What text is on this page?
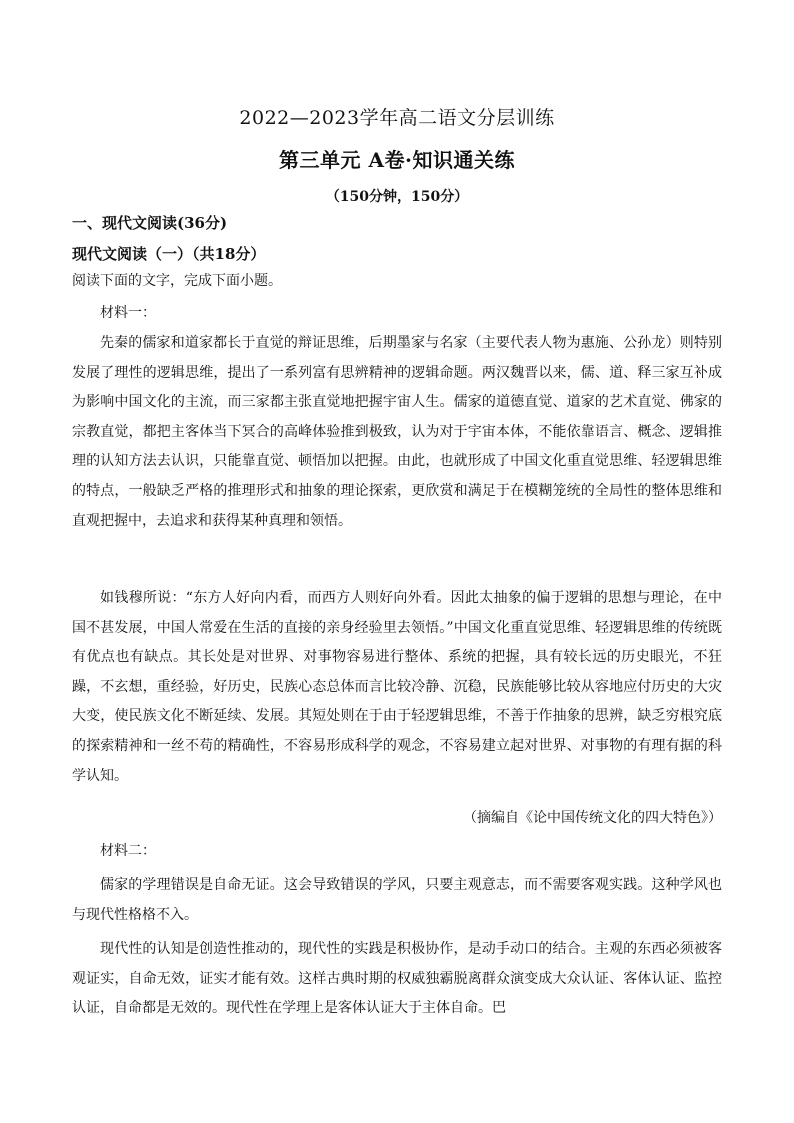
2022—2023学年高二语文分层训练
第三单元 A卷·知识通关练
（150分钟，150分）
一、现代文阅读(36分)
现代文阅读（一）（共18分）
阅读下面的文字，完成下面小题。
材料一：

先秦的儒家和道家都长于直觉的辩证思维，后期墨家与名家（主要代表人物为惠施、公孙龙）则特别发展了理性的逻辑思维，提出了一系列富有思辨精神的逻辑命题。两汉魏晋以来，儒、道、释三家互补成为影响中国文化的主流，而三家都主张直觉地把握宇宙人生。儒家的道德直觉、道家的艺术直觉、佛家的宗教直觉，都把主客体当下冥合的高峰体验推到极致，认为对于宇宙本体，不能依靠语言、概念、逻辑推理的认知方法去认识，只能靠直觉、顿悟加以把握。由此，也就形成了中国文化重直觉思维、轻逻辑思维的特点，一般缺乏严格的推理形式和抽象的理论探索，更欣赏和满足于在模糊笼统的全局性的整体思维和直观把握中，去追求和获得某种真理和领悟。

如钱穆所说：“东方人好向内看，而西方人则好向外看。因此太抽象的偏于逻辑的思想与理论，在中国不甚发展，中国人常爱在生活的直接的亲身经验里去领悟。”中国文化重直觉思维、轻逻辑思维的传统既有优点也有缺点。其长处是对世界、对事物容易进行整体、系统的把握，具有较长远的历史眼光，不狂躁，不玄想，重经验，好历史，民族心态总体而言比较冷静、沉稳，民族能够比较从容地应付历史的大灾大变，使民族文化不断延续、发展。其短处则在于由于轻逻辑思维，不善于作抽象的思辨，缺乏穷根究底的探索精神和一丝不苟的精确性，不容易形成科学的观念，不容易建立起对世界、对事物的有理有据的科学认知。

（摘编自《论中国传统文化的四大特色》）
材料二：

儒家的学理错误是自命无证。这会导致错误的学风，只要主观意志，而不需要客观实践。这种学风也与现代性格格不入。

现代性的认知是创造性推动的，现代性的实践是积极协作，是动手动口的结合。主观的东西必须被客观证实，自命无效，证实才能有效。这样古典时期的权威独霸脱离群众演变成大众认证、客体认证、监控认证，自命都是无效的。现代性在学理上是客体认证大于主体自命。巴
